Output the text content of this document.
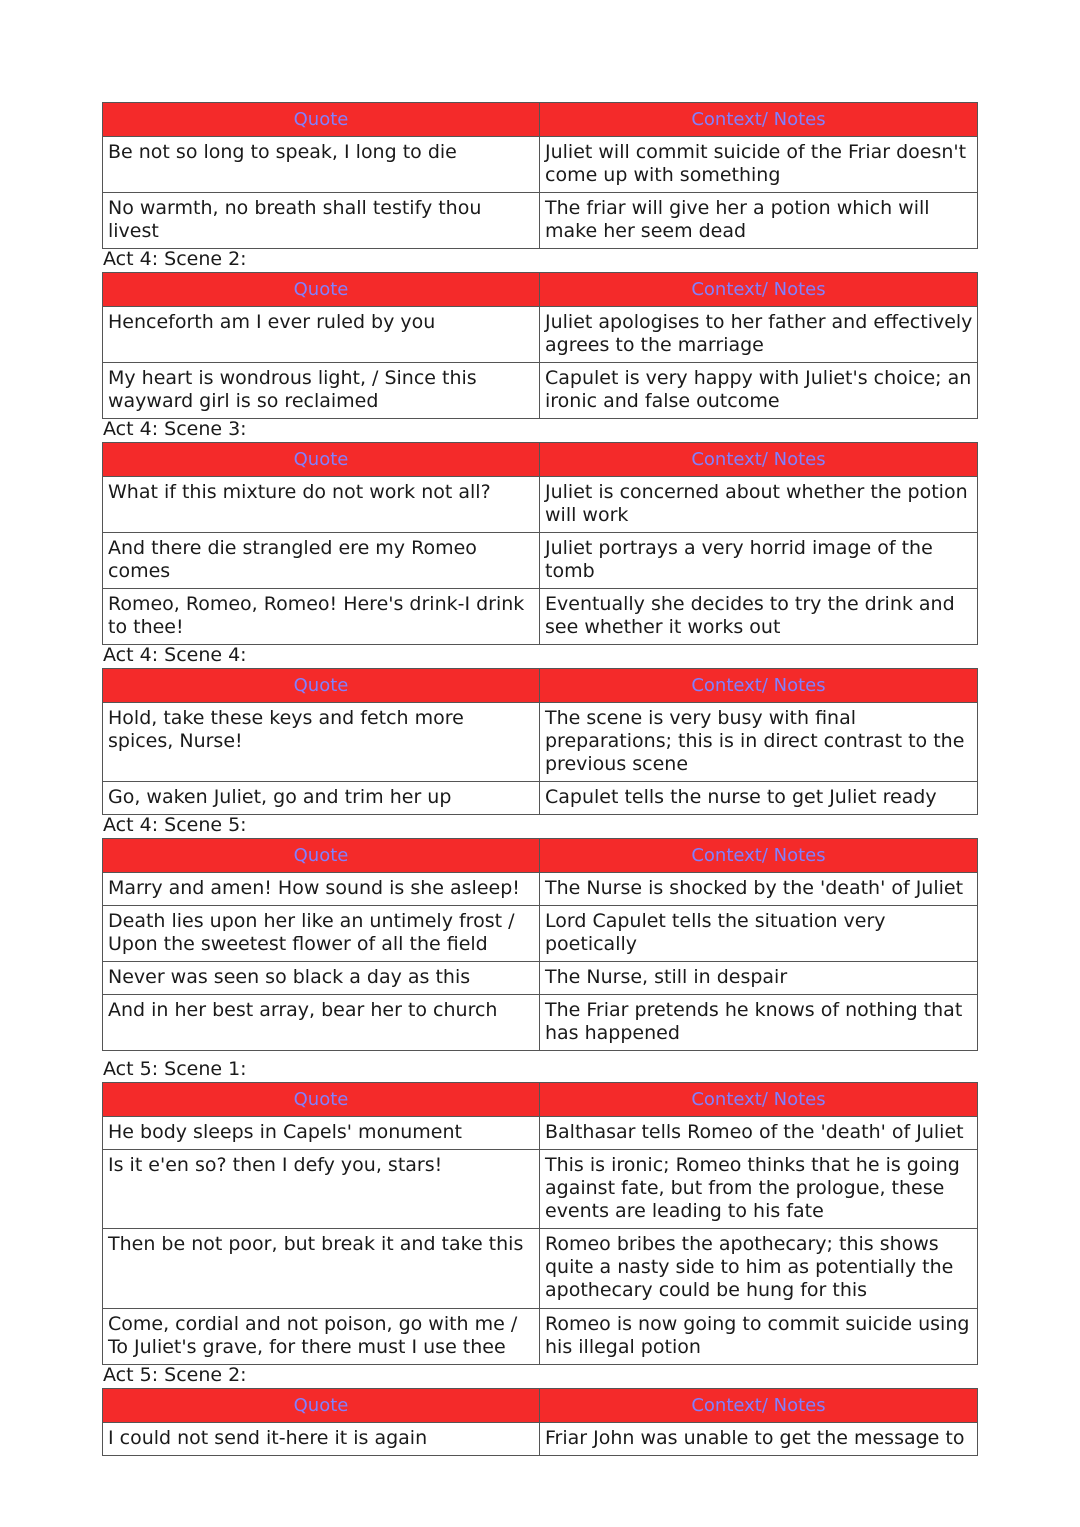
Quote	Context/ Notes
Be not so long to speak, I long to die	Juliet will commit suicide of the Friar doesn't come up with something
No warmth, no breath shall testify thou livest	The friar will give her a potion which will make her seem dead
Act 4: Scene 2:
Quote	Context/ Notes
Henceforth am I ever ruled by you	Juliet apologises to her father and effectively agrees to the marriage
My heart is wondrous light, / Since this wayward girl is so reclaimed	Capulet is very happy with Juliet's choice; an ironic and false outcome
Act 4: Scene 3:
Quote	Context/ Notes
What if this mixture do not work not all?	Juliet is concerned about whether the potion will work
And there die strangled ere my Romeo comes	Juliet portrays a very horrid image of the tomb
Romeo, Romeo, Romeo! Here's drink-I drink to thee!	Eventually she decides to try the drink and see whether it works out
Act 4: Scene 4:
Quote	Context/ Notes
Hold, take these keys and fetch more spices, Nurse!	The scene is very busy with final preparations; this is in direct contrast to the previous scene
Go, waken Juliet, go and trim her up	Capulet tells the nurse to get Juliet ready
Act 4: Scene 5:
Quote	Context/ Notes
Marry and amen! How sound is she asleep!	The Nurse is shocked by the 'death' of Juliet
Death lies upon her like an untimely frost / Upon the sweetest flower of all the field	Lord Capulet tells the situation very poetically
Never was seen so black a day as this	The Nurse, still in despair
And in her best array, bear her to church	The Friar pretends he knows of nothing that has happened
Act 5: Scene 1:
Quote	Context/ Notes
He body sleeps in Capels' monument	Balthasar tells Romeo of the 'death' of Juliet
Is it e'en so? then I defy you, stars!	This is ironic; Romeo thinks that he is going against fate, but from the prologue, these events are leading to his fate
Then be not poor, but break it and take this	Romeo bribes the apothecary; this shows quite a nasty side to him as potentially the apothecary could be hung for this
Come, cordial and not poison, go with me / To Juliet's grave, for there must I use thee	Romeo is now going to commit suicide using his illegal potion
Act 5: Scene 2:
Quote	Context/ Notes
I could not send it-here it is again	Friar John was unable to get the message to
